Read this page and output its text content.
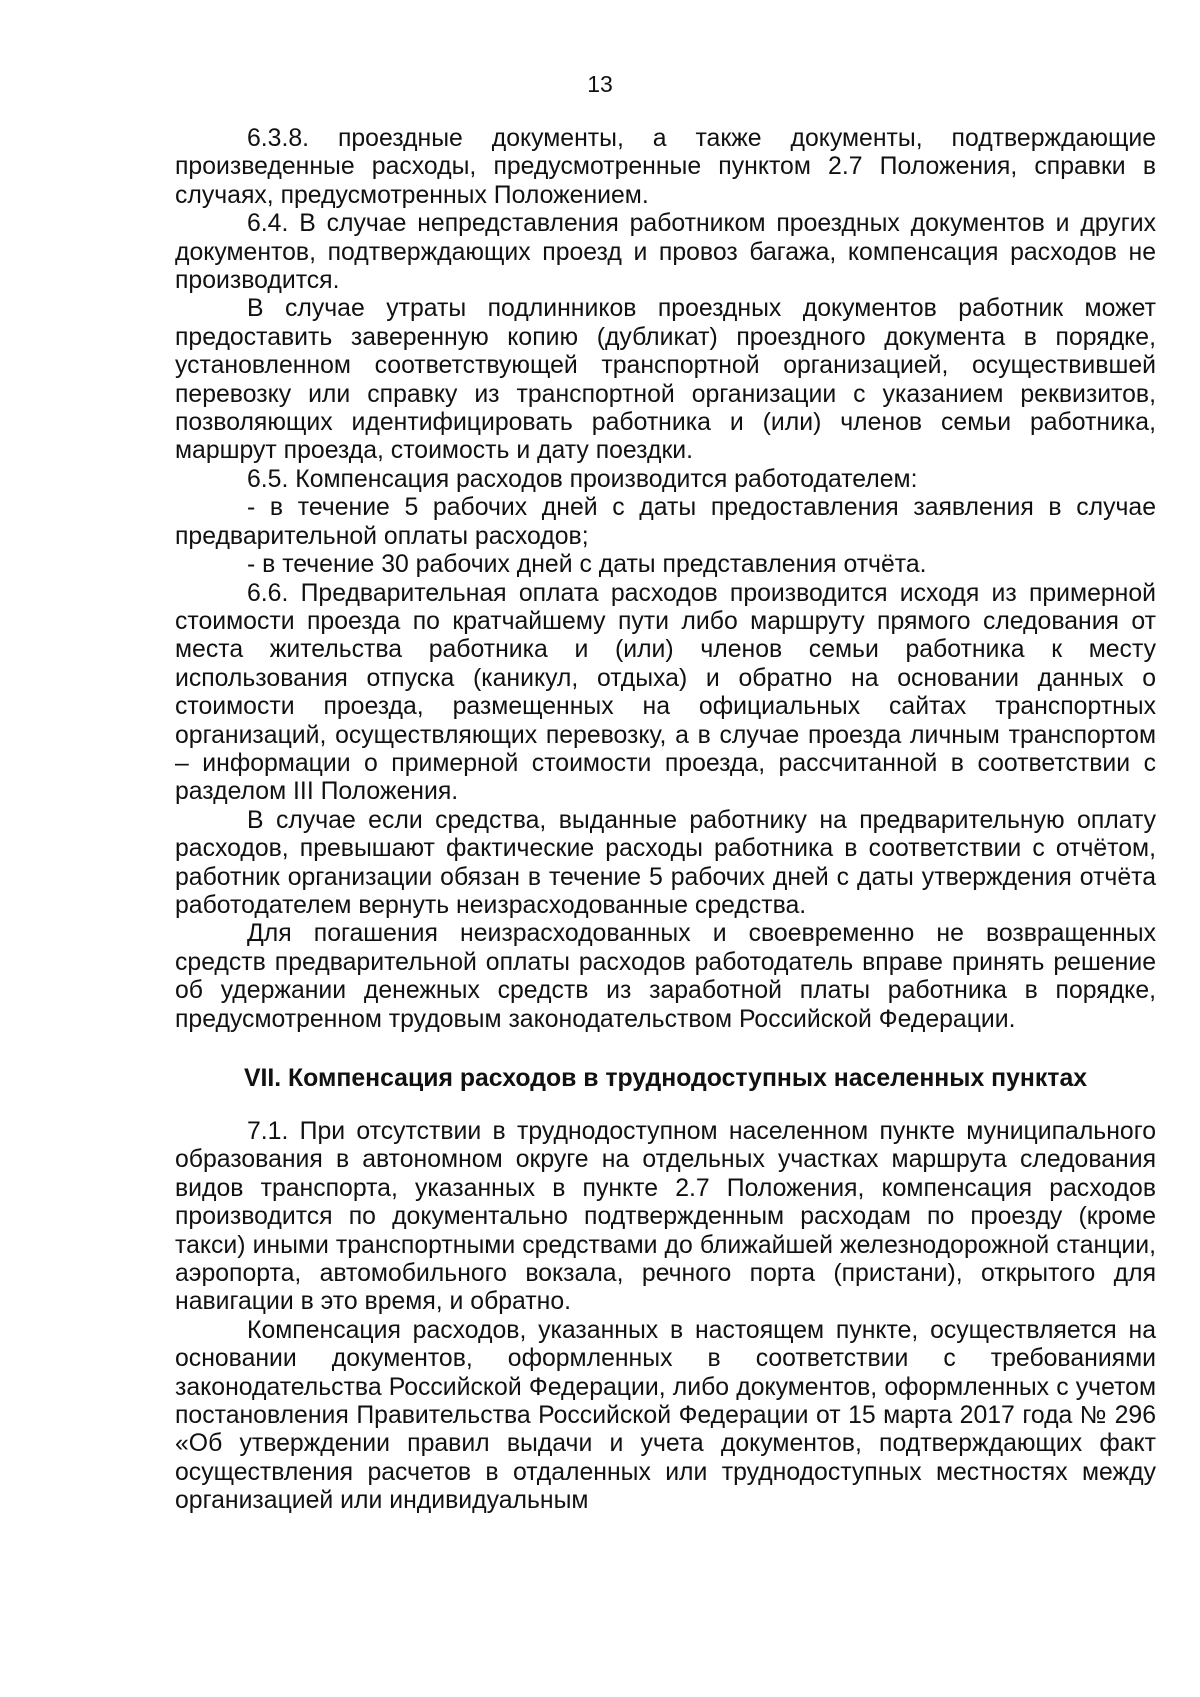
13

6.3.8. проездные документы, а также документы, подтверждающие произведенные расходы, предусмотренные пунктом 2.7 Положения, справки в случаях, предусмотренных Положением.

6.4. В случае непредставления работником проездных документов и других документов, подтверждающих проезд и провоз багажа, компенсация расходов не производится.

В случае утраты подлинников проездных документов работник может предоставить заверенную копию (дубликат) проездного документа в порядке, установленном соответствующей транспортной организацией, осуществившей перевозку или справку из транспортной организации с указанием реквизитов, позволяющих идентифицировать работника и (или) членов семьи работника, маршрут проезда, стоимость и дату поездки.

6.5. Компенсация расходов производится работодателем:

- в течение 5 рабочих дней с даты предоставления заявления в случае предварительной оплаты расходов;

- в течение 30 рабочих дней с даты представления отчёта.

6.6. Предварительная оплата расходов производится исходя из примерной стоимости проезда по кратчайшему пути либо маршруту прямого следования от места жительства работника и (или) членов семьи работника к месту использования отпуска (каникул, отдыха) и обратно на основании данных о стоимости проезда, размещенных на официальных сайтах транспортных организаций, осуществляющих перевозку, а в случае проезда личным транспортом – информации о примерной стоимости проезда, рассчитанной в соответствии с разделом III Положения.

В случае если средства, выданные работнику на предварительную оплату расходов, превышают фактические расходы работника в соответствии с отчётом, работник организации обязан в течение 5 рабочих дней с даты утверждения отчёта работодателем вернуть неизрасходованные средства.

Для погашения неизрасходованных и своевременно не возвращенных средств предварительной оплаты расходов работодатель вправе принять решение об удержании денежных средств из заработной платы работника в порядке, предусмотренном трудовым законодательством Российской Федерации.

VII. Компенсация расходов в труднодоступных населенных пунктах

7.1. При отсутствии в труднодоступном населенном пункте муниципального образования в автономном округе на отдельных участках маршрута следования видов транспорта, указанных в пункте 2.7 Положения, компенсация расходов производится по документально подтвержденным расходам по проезду (кроме такси) иными транспортными средствами до ближайшей железнодорожной станции, аэропорта, автомобильного вокзала, речного порта (пристани), открытого для навигации в это время, и обратно.

Компенсация расходов, указанных в настоящем пункте, осуществляется на основании документов, оформленных в соответствии с требованиями законодательства Российской Федерации, либо документов, оформленных с учетом постановления Правительства Российской Федерации от 15 марта 2017 года № 296 «Об утверждении правил выдачи и учета документов, подтверждающих факт осуществления расчетов в отдаленных или труднодоступных местностях между организацией или индивидуальным
